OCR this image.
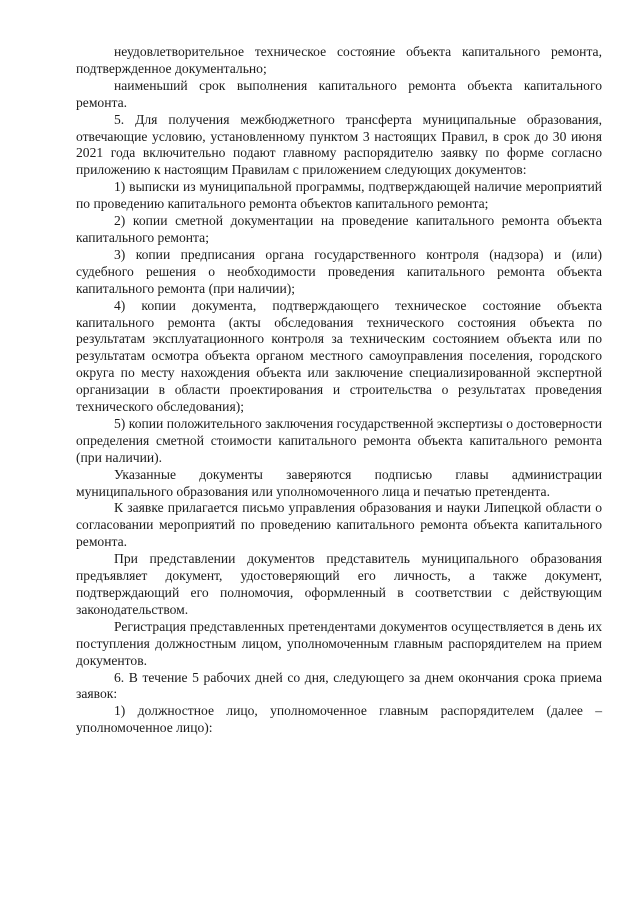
неудовлетворительное техническое состояние объекта капитального ремонта, подтвержденное документально;

наименьший срок выполнения капитального ремонта объекта капитального ремонта.

5. Для получения межбюджетного трансферта муниципальные образования, отвечающие условию, установленному пунктом 3 настоящих Правил, в срок до 30 июня 2021 года включительно подают главному распорядителю заявку по форме согласно приложению к настоящим Правилам с приложением следующих документов:

1) выписки из муниципальной программы, подтверждающей наличие мероприятий по проведению капитального ремонта объектов капитального ремонта;

2) копии сметной документации на проведение капитального ремонта объекта капитального ремонта;

3) копии предписания органа государственного контроля (надзора) и (или) судебного решения о необходимости проведения капитального ремонта объекта капитального ремонта (при наличии);

4) копии документа, подтверждающего техническое состояние объекта капитального ремонта (акты обследования технического состояния объекта по результатам эксплуатационного контроля за техническим состоянием объекта или по результатам осмотра объекта органом местного самоуправления поселения, городского округа по месту нахождения объекта или заключение специализированной экспертной организации в области проектирования и строительства о результатах проведения технического обследования);

5) копии положительного заключения государственной экспертизы о достоверности определения сметной стоимости капитального ремонта объекта капитального ремонта (при наличии).

Указанные документы заверяются подписью главы администрации муниципального образования или уполномоченного лица и печатью претендента.

К заявке прилагается письмо управления образования и науки Липецкой области о согласовании мероприятий по проведению капитального ремонта объекта капитального ремонта.

При представлении документов представитель муниципального образования предъявляет документ, удостоверяющий его личность, а также документ, подтверждающий его полномочия, оформленный в соответствии с действующим законодательством.

Регистрация представленных претендентами документов осуществляется в день их поступления должностным лицом, уполномоченным главным распорядителем на прием документов.

6. В течение 5 рабочих дней со дня, следующего за днем окончания срока приема заявок:

1) должностное лицо, уполномоченное главным распорядителем (далее – уполномоченное лицо):
